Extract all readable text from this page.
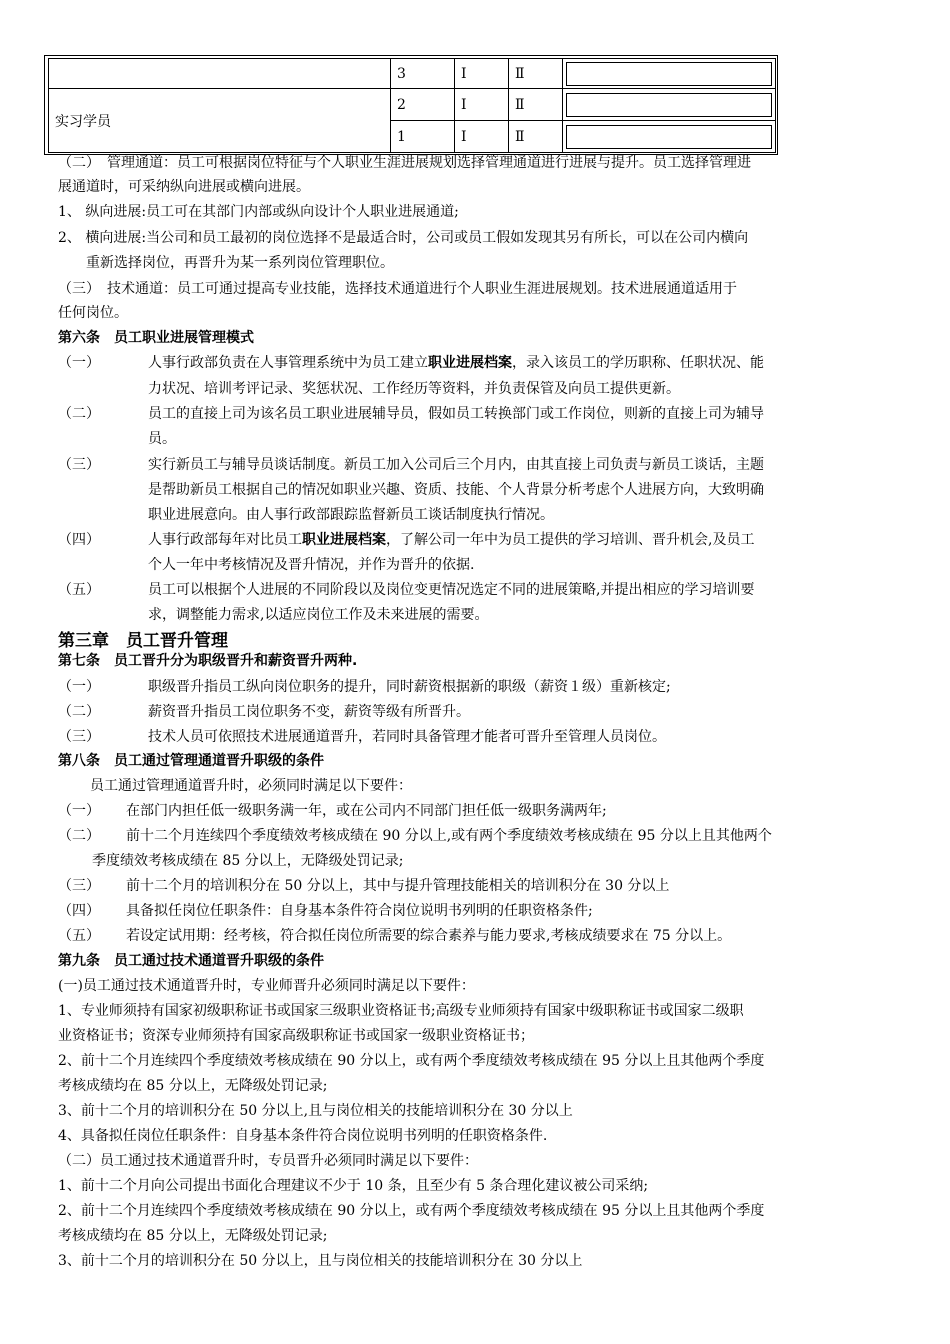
	3	Ⅰ	Ⅱ	

实习学员	2	Ⅰ	Ⅱ	

	1	Ⅰ	Ⅱ	
（二）　管理通道：员工可根据岗位特征与个人职业生涯进展规划选择管理通道进行进展与提升。员工选择管理进
展通道时，可采纳纵向进展或横向进展。
1、 纵向进展:员工可在其部门内部或纵向设计个人职业进展通道;
2、 横向进展:当公司和员工最初的岗位选择不是最适合时，公司或员工假如发现其另有所长，可以在公司内横向
重新选择岗位，再晋升为某一系列岗位管理职位。
（三）　技术通道：员工可通过提高专业技能，选择技术通道进行个人职业生涯进展规划。技术进展通道适用于
任何岗位。
第六条　员工职业进展管理模式
（一）	人事行政部负责在人事管理系统中为员工建立职业进展档案，录入该员工的学历职称、任职状况、能
力状况、培训考评记录、奖惩状况、工作经历等资料，并负责保管及向员工提供更新。
（二）	员工的直接上司为该名员工职业进展辅导员，假如员工转换部门或工作岗位，则新的直接上司为辅导
员。
（三）	实行新员工与辅导员谈话制度。新员工加入公司后三个月内，由其直接上司负责与新员工谈话，主题
是帮助新员工根据自己的情况如职业兴趣、资质、技能、个人背景分析考虑个人进展方向，大致明确
职业进展意向。由人事行政部跟踪监督新员工谈话制度执行情况。
（四）	人事行政部每年对比员工职业进展档案，了解公司一年中为员工提供的学习培训、晋升机会,及员工
个人一年中考核情况及晋升情况，并作为晋升的依据.
（五）	员工可以根据个人进展的不同阶段以及岗位变更情况选定不同的进展策略,并提出相应的学习培训要
求，调整能力需求,以适应岗位工作及未来进展的需要。
第三章　员工晋升管理
第七条　员工晋升分为职级晋升和薪资晋升两种.
（一）	职级晋升指员工纵向岗位职务的提升，同时薪资根据新的职级（薪资１级）重新核定;
（二）	薪资晋升指员工岗位职务不变，薪资等级有所晋升。
（三）	技术人员可依照技术进展通道晋升，若同时具备管理才能者可晋升至管理人员岗位。
第八条　员工通过管理通道晋升职级的条件
员工通过管理通道晋升时，必须同时满足以下要件：
（一） 在部门内担任低一级职务满一年，或在公司内不同部门担任低一级职务满两年;
（二） 前十二个月连续四个季度绩效考核成绩在 90 分以上,或有两个季度绩效考核成绩在 95 分以上且其他两个
季度绩效考核成绩在 85 分以上，无降级处罚记录;
（三） 前十二个月的培训积分在 50 分以上，其中与提升管理技能相关的培训积分在 30 分以上
（四） 具备拟任岗位任职条件：自身基本条件符合岗位说明书列明的任职资格条件;
（五） 若设定试用期：经考核，符合拟任岗位所需要的综合素养与能力要求,考核成绩要求在 75 分以上。
第九条　员工通过技术通道晋升职级的条件
(一)员工通过技术通道晋升时，专业师晋升必须同时满足以下要件：
1、专业师须持有国家初级职称证书或国家三级职业资格证书;高级专业师须持有国家中级职称证书或国家二级职
业资格证书；资深专业师须持有国家高级职称证书或国家一级职业资格证书；
2、前十二个月连续四个季度绩效考核成绩在 90 分以上，或有两个季度绩效考核成绩在 95 分以上且其他两个季度
考核成绩均在 85 分以上，无降级处罚记录;
3、前十二个月的培训积分在 50 分以上,且与岗位相关的技能培训积分在 30 分以上
4、具备拟任岗位任职条件：自身基本条件符合岗位说明书列明的任职资格条件.
（二）员工通过技术通道晋升时，专员晋升必须同时满足以下要件：
1、前十二个月向公司提出书面化合理建议不少于 10 条，且至少有 5 条合理化建议被公司采纳;
2、前十二个月连续四个季度绩效考核成绩在 90 分以上，或有两个季度绩效考核成绩在 95 分以上且其他两个季度
考核成绩均在 85 分以上，无降级处罚记录;
3、前十二个月的培训积分在 50 分以上，且与岗位相关的技能培训积分在 30 分以上
